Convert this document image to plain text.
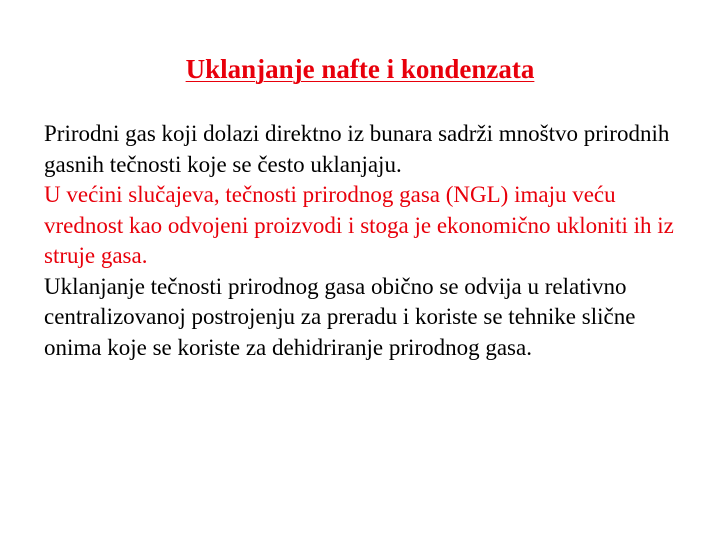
Uklanjanje nafte i kondenzata

Prirodni gas koji dolazi direktno iz bunara sadrži mnoštvo prirodnih gasnih tečnosti koje se često uklanjaju.

U većini slučajeva, tečnosti prirodnog gasa (NGL) imaju veću vrednost kao odvojeni proizvodi i stoga je ekonomično ukloniti ih iz struje gasa.

Uklanjanje tečnosti prirodnog gasa obično se odvija u relativno centralizovanoj postrojenju za preradu i koriste se tehnike slične onima koje se koriste za dehidriranje prirodnog gasa.
